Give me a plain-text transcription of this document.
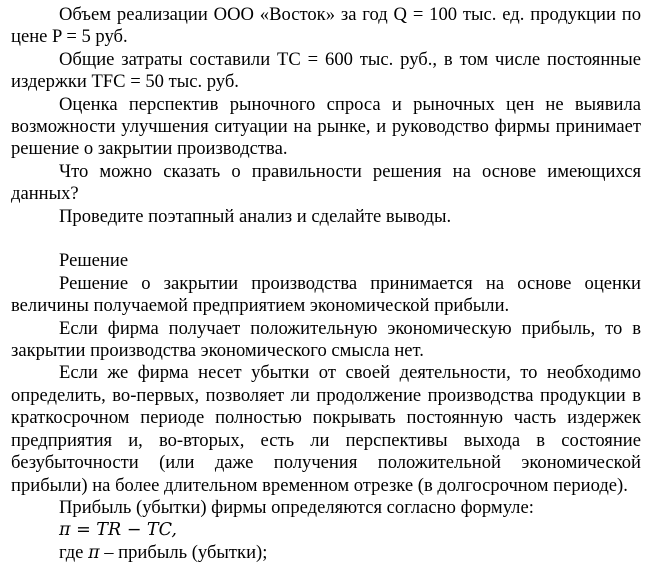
Объем реализации ООО «Восток» за год Q = 100 тыс. ед. продукции по цене P = 5 руб.

Общие затраты составили TC = 600 тыс. руб., в том числе постоянные издержки TFC = 50 тыс. руб.

Оценка перспектив рыночного спроса и рыночных цен не выявила возможности улучшения ситуации на рынке, и руководство фирмы принимает решение о закрытии производства.

Что можно сказать о правильности решения на основе имеющихся данных?

Проведите поэтапный анализ и сделайте выводы.

Решение

Решение о закрытии производства принимается на основе оценки величины получаемой предприятием экономической прибыли.

Если фирма получает положительную экономическую прибыль, то в закрытии производства экономического смысла нет.

Если же фирма несет убытки от своей деятельности, то необходимо определить, во-первых, позволяет ли продолжение производства продукции в краткосрочном периоде полностью покрывать постоянную часть издержек предприятия и, во-вторых, есть ли перспективы выхода в состояние безубыточности (или даже получения положительной экономической прибыли) на более длительном временном отрезке (в долгосрочном периоде).

Прибыль (убытки) фирмы определяются согласно формуле:

π = TR − TC,

где π – прибыль (убытки);
